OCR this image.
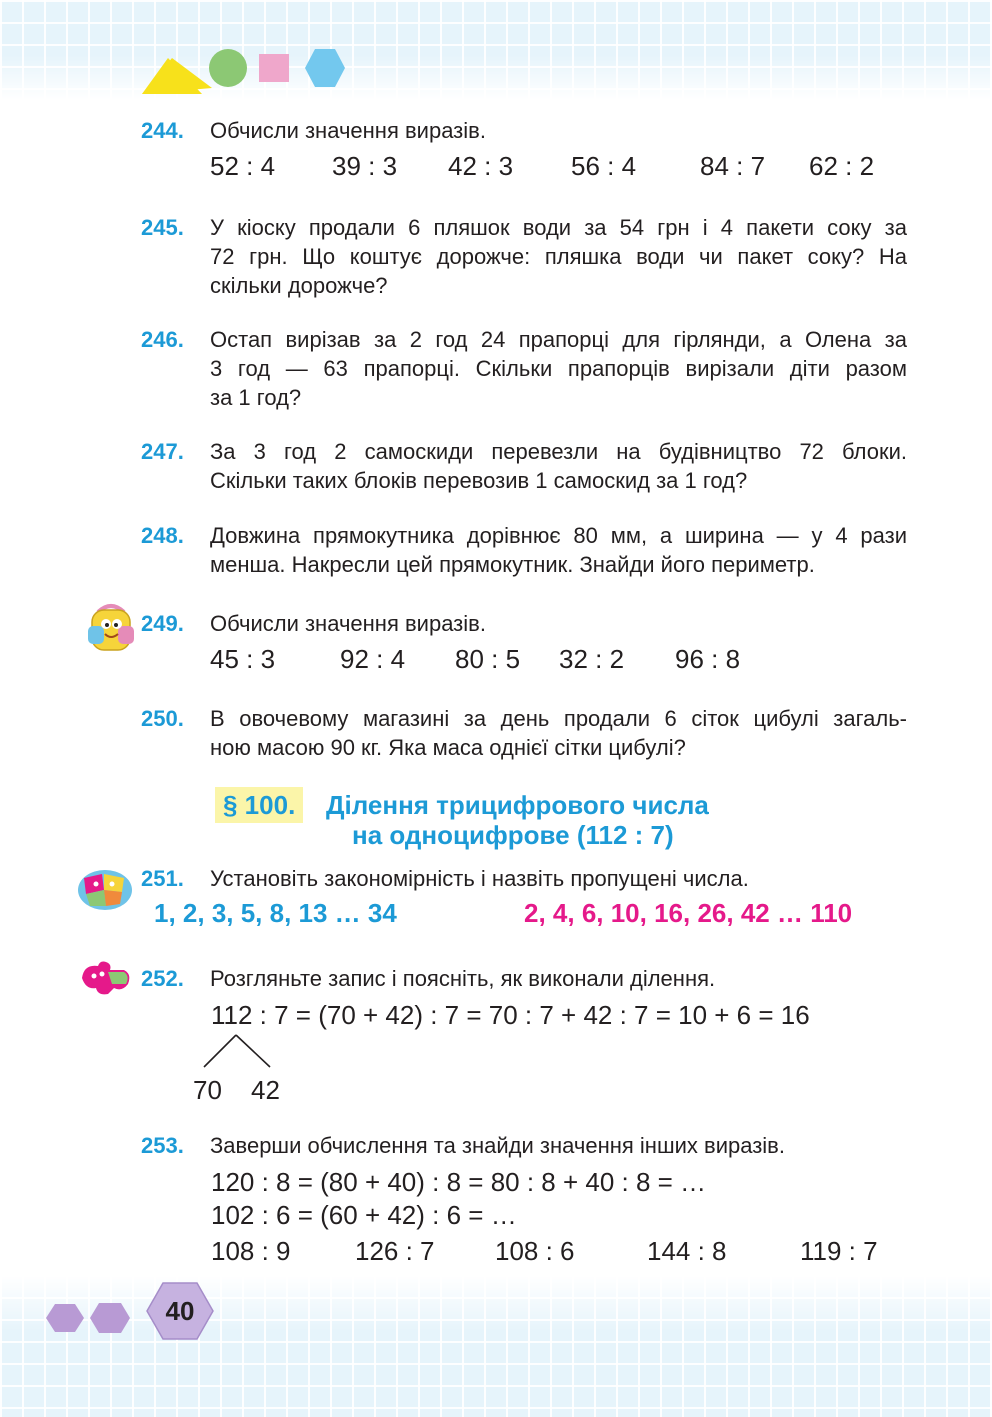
244. Обчисли значення виразів.
52 : 4 39 : 3 42 : 3 56 : 4 84 : 7 62 : 2
245. У кіоску продали 6 пляшок води за 54 грн і 4 пакети соку за
72 грн. Що коштує дорожче: пляшка води чи пакет соку? На
скільки дорожче?
246. Остап вирізав за 2 год 24 прапорці для гірлянди, а Олена за
3 год — 63 прапорці. Скільки прапорців вирізали діти разом
за 1 год?
247. За 3 год 2 самоскиди перевезли на будівництво 72 блоки.
Скільки таких блоків перевозив 1 самоскид за 1 год?
248. Довжина прямокутника дорівнює 80 мм, а ширина — у 4 рази
менша. Накресли цей прямокутник. Знайди його периметр.
249. Обчисли значення виразів.
45 : 3 92 : 4 80 : 5 32 : 2 96 : 8
250. В овочевому магазині за день продали 6 сіток цибулі загаль-
ною масою 90 кг. Яка маса однієї сітки цибулі?
§ 100.	Ділення трицифрового числа
на одноцифрове (112 : 7)
251. Установіть закономірність і назвіть пропущені числа.
1, 2, 3, 5, 8, 13 … 34	2, 4, 6, 10, 16, 26, 42 … 110
252. Розгляньте запис і поясніть, як виконали ділення.
112 : 7 = (70 + 42) : 7 = 70 : 7 + 42 : 7 = 10 + 6 = 16
70 42
253. Заверши обчислення та знайди значення інших виразів.
120 : 8 = (80 + 40) : 8 = 80 : 8 + 40 : 8 = …
102 : 6 = (60 + 42) : 6 = …
108 : 9 126 : 7 108 : 6	144 : 8	119 : 7
40
